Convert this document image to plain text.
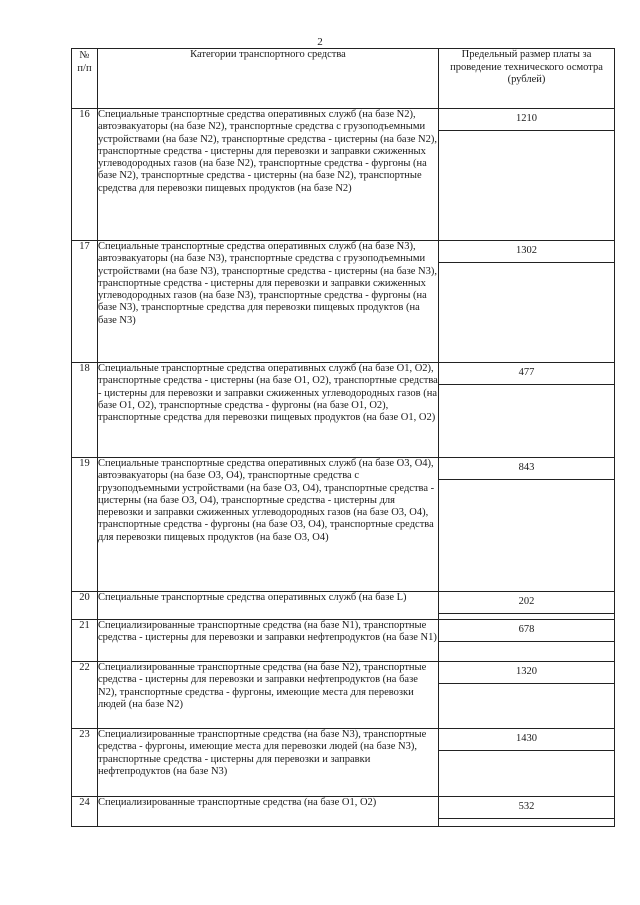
2
№
п/п	Категории транспортного средства	Предельный размер платы за проведение технического осмотра (рублей)
16	Специальные транспортные средства оперативных служб (на базе N2), автоэвакуаторы (на базе N2), транспортные средства с грузоподъемными устройствами (на базе N2), транспортные средства - цистерны (на базе N2), транспортные средства - цистерны для перевозки и заправки сжиженных углеводородных газов (на базе N2), транспортные средства - фургоны (на базе N2), транспортные средства - цистерны (на базе N2), транспортные средства для перевозки пищевых продуктов (на базе N2)	1210

17	Специальные транспортные средства оперативных служб (на базе N3), автоэвакуаторы (на базе N3), транспортные средства с грузоподъемными устройствами (на базе N3), транспортные средства - цистерны (на базе N3), транспортные средства - цистерны для перевозки и заправки сжиженных углеводородных газов (на базе N3), транспортные средства - фургоны (на базе N3), транспортные средства для перевозки пищевых продуктов (на базе N3)	1302

18	Специальные транспортные средства оперативных служб (на базе O1, O2), транспортные средства - цистерны (на базе O1, O2), транспортные средства - цистерны для перевозки и заправки сжиженных углеводородных газов (на базе O1, O2), транспортные средства - фургоны (на базе O1, O2), транспортные средства для перевозки пищевых продуктов (на базе O1, O2)	477

19	Специальные транспортные средства оперативных служб (на базе O3, O4), автоэвакуаторы (на базе O3, O4), транспортные средства с грузоподъемными устройствами (на базе O3, O4), транспортные средства - цистерны (на базе O3, O4), транспортные средства - цистерны для перевозки и заправки сжиженных углеводородных газов (на базе O3, O4), транспортные средства - фургоны (на базе O3, O4), транспортные средства для перевозки пищевых продуктов (на базе O3, O4)	843

20	Специальные транспортные средства оперативных служб (на базе L)	202

21	Специализированные транспортные средства (на базе N1), транспортные средства - цистерны для перевозки и заправки нефтепродуктов (на базе N1)	678

22	Специализированные транспортные средства (на базе N2), транспортные средства - цистерны для перевозки и заправки нефтепродуктов (на базе N2), транспортные средства - фургоны, имеющие места для перевозки людей (на базе N2)	1320

23	Специализированные транспортные средства (на базе N3), транспортные средства - фургоны, имеющие места для перевозки людей (на базе N3), транспортные средства - цистерны для перевозки и заправки нефтепродуктов (на базе N3)	1430

24	Специализированные транспортные средства (на базе O1, O2)	532
